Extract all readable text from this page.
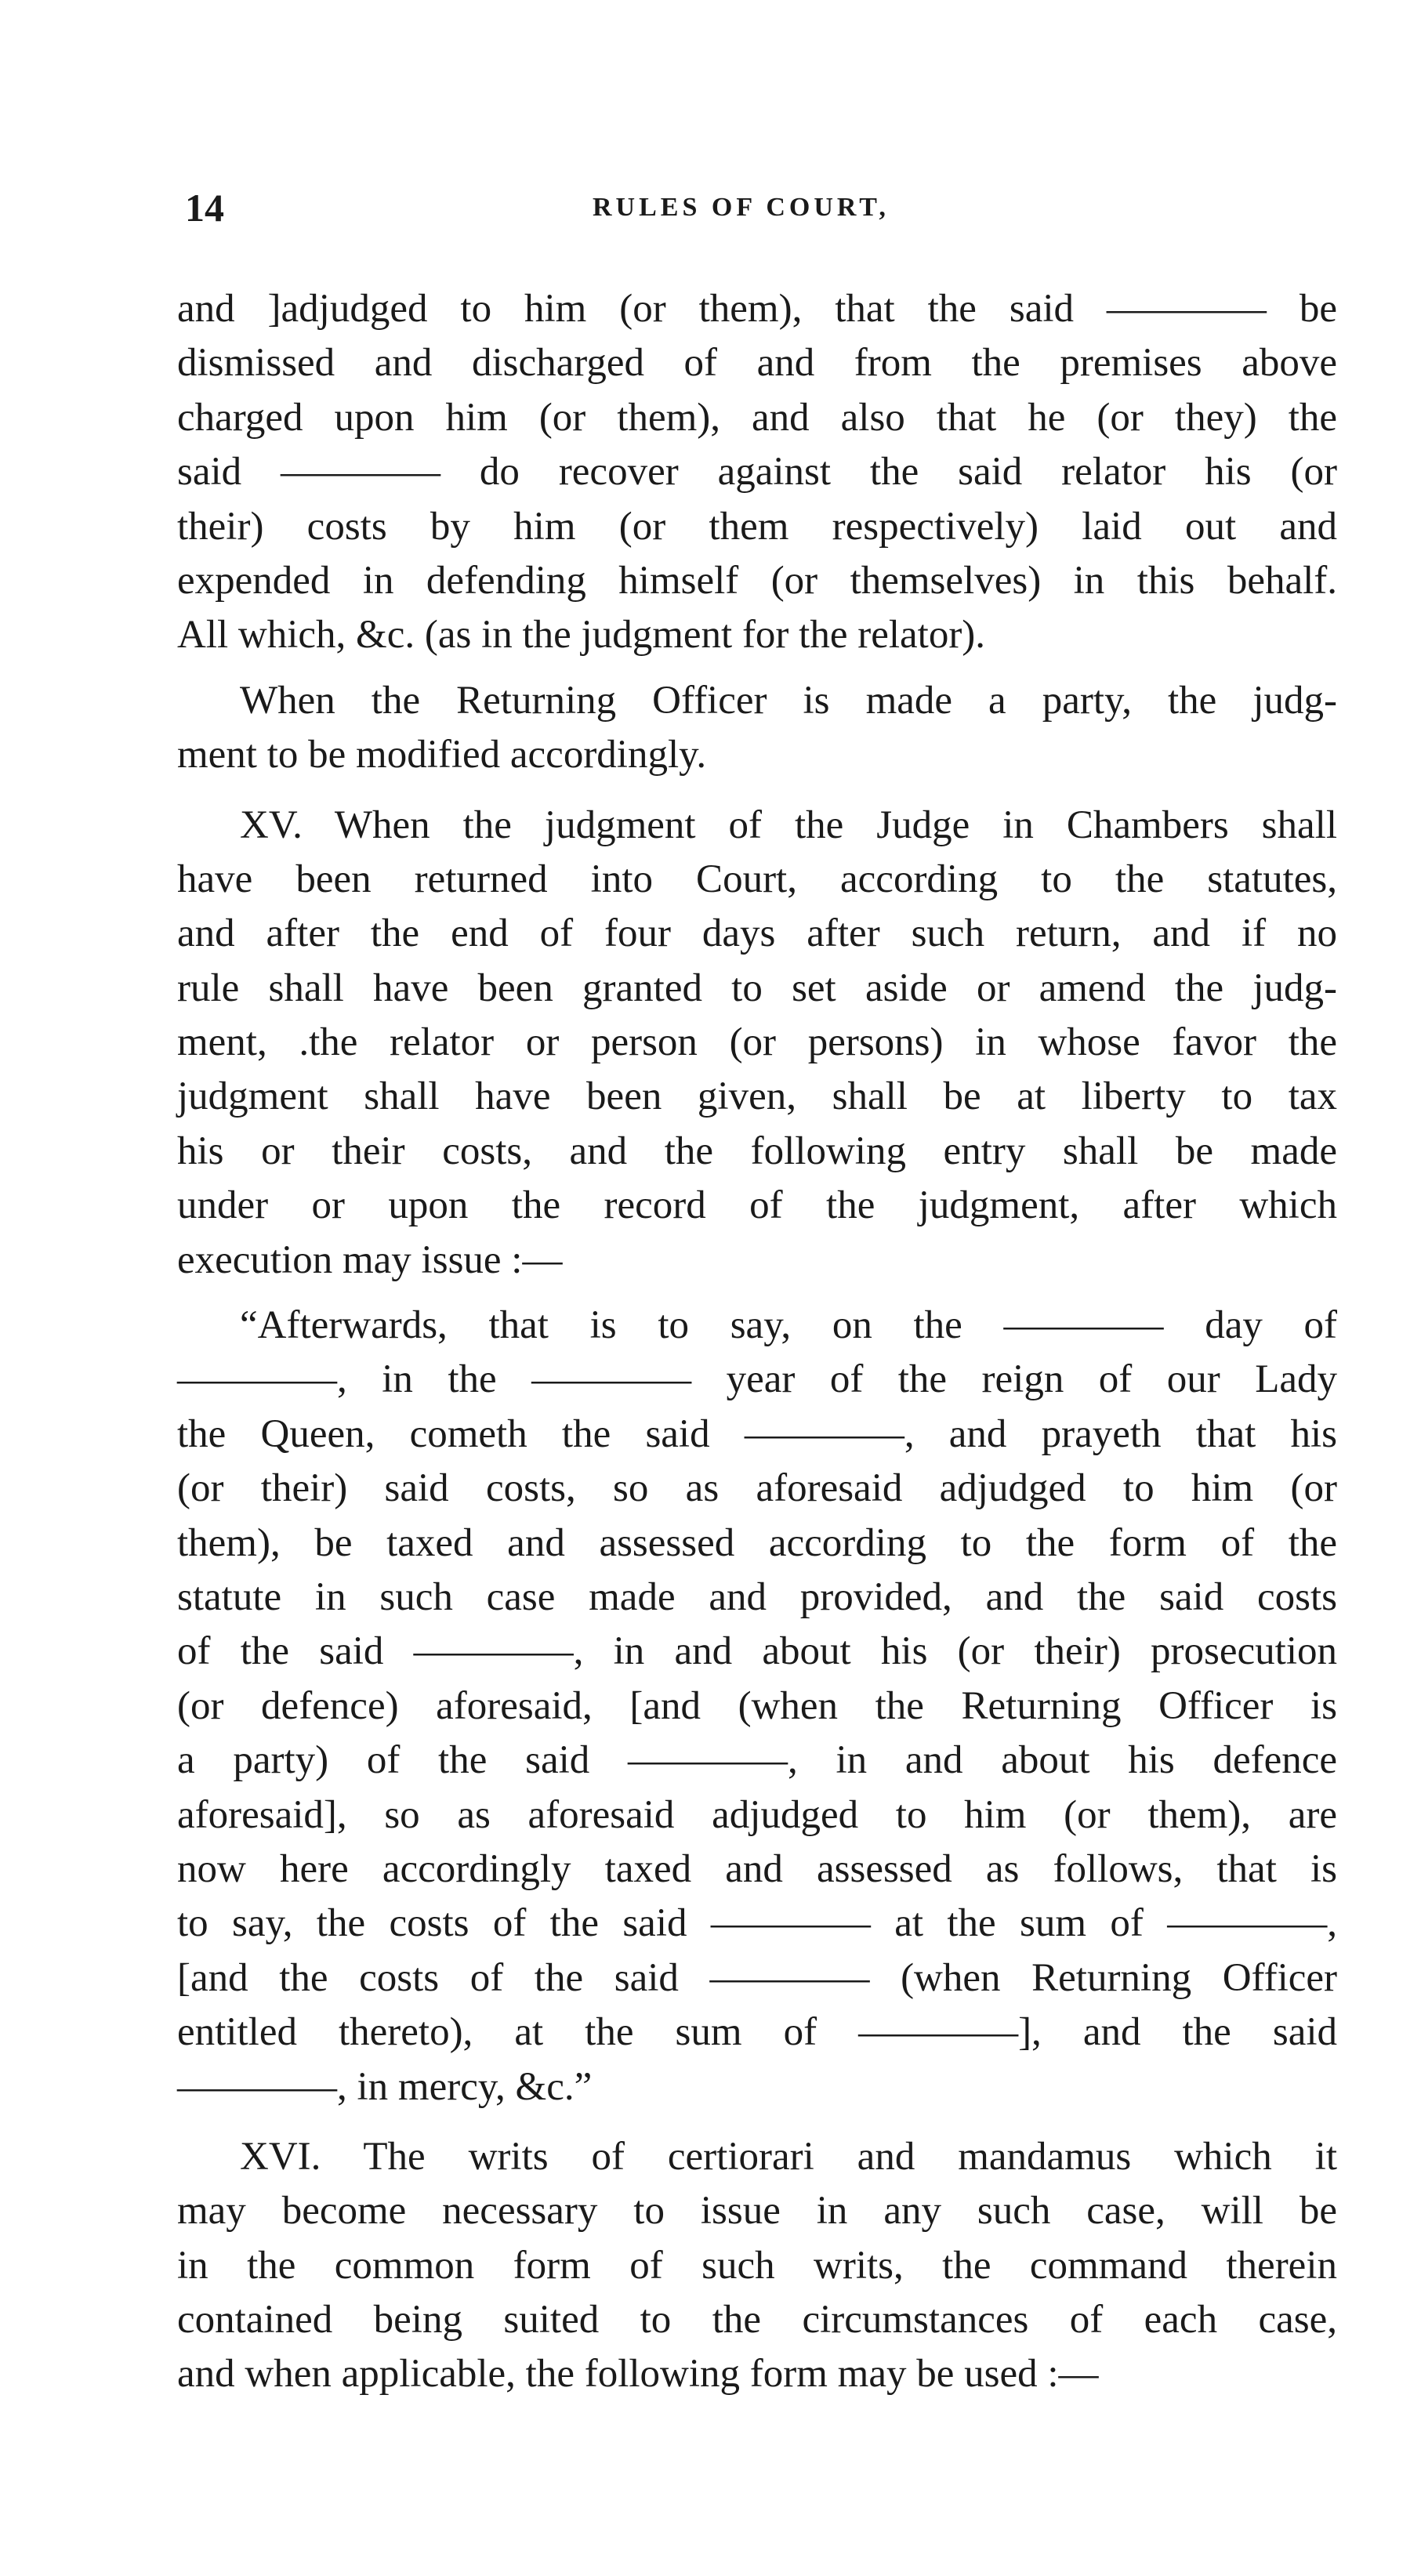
14	RULES OF COURT,
and ]adjudged to him (or them), that the said ———— be
dismissed and discharged of and from the premises above
charged upon him (or them), and also that he (or they) the
said ———— do recover against the said relator his (or
their) costs by him (or them respectively) laid out and
expended in defending himself (or themselves) in this behalf.
All which, &c. (as in the judgment for the relator).
When the Returning Officer is made a party, the judg-
ment to be modified accordingly.
XV. When the judgment of the Judge in Chambers shall
have been returned into Court, according to the statutes,
and after the end of four days after such return, and if no
rule shall have been granted to set aside or amend the judg-
ment, .the relator or person (or persons) in whose favor the
judgment shall have been given, shall be at liberty to tax
his or their costs, and the following entry shall be made
under or upon the record of the judgment, after which
execution may issue :—
“Afterwards, that is to say, on the ———— day of
————, in the ———— year of the reign of our Lady
the Queen, cometh the said ————, and prayeth that his
(or their) said costs, so as aforesaid adjudged to him (or
them), be taxed and assessed according to the form of the
statute in such case made and provided, and the said costs
of the said ————, in and about his (or their) prosecution
(or defence) aforesaid, [and (when the Returning Officer is
a party) of the said ————, in and about his defence
aforesaid], so as aforesaid adjudged to him (or them), are
now here accordingly taxed and assessed as follows, that is
to say, the costs of the said ———— at the sum of ————,
[and the costs of the said ———— (when Returning Officer
entitled thereto), at the sum of ————], and the said
————, in mercy, &c.”
XVI. The writs of certiorari and mandamus which it
may become necessary to issue in any such case, will be
in the common form of such writs, the command therein
contained being suited to the circumstances of each case,
and when applicable, the following form may be used :—
